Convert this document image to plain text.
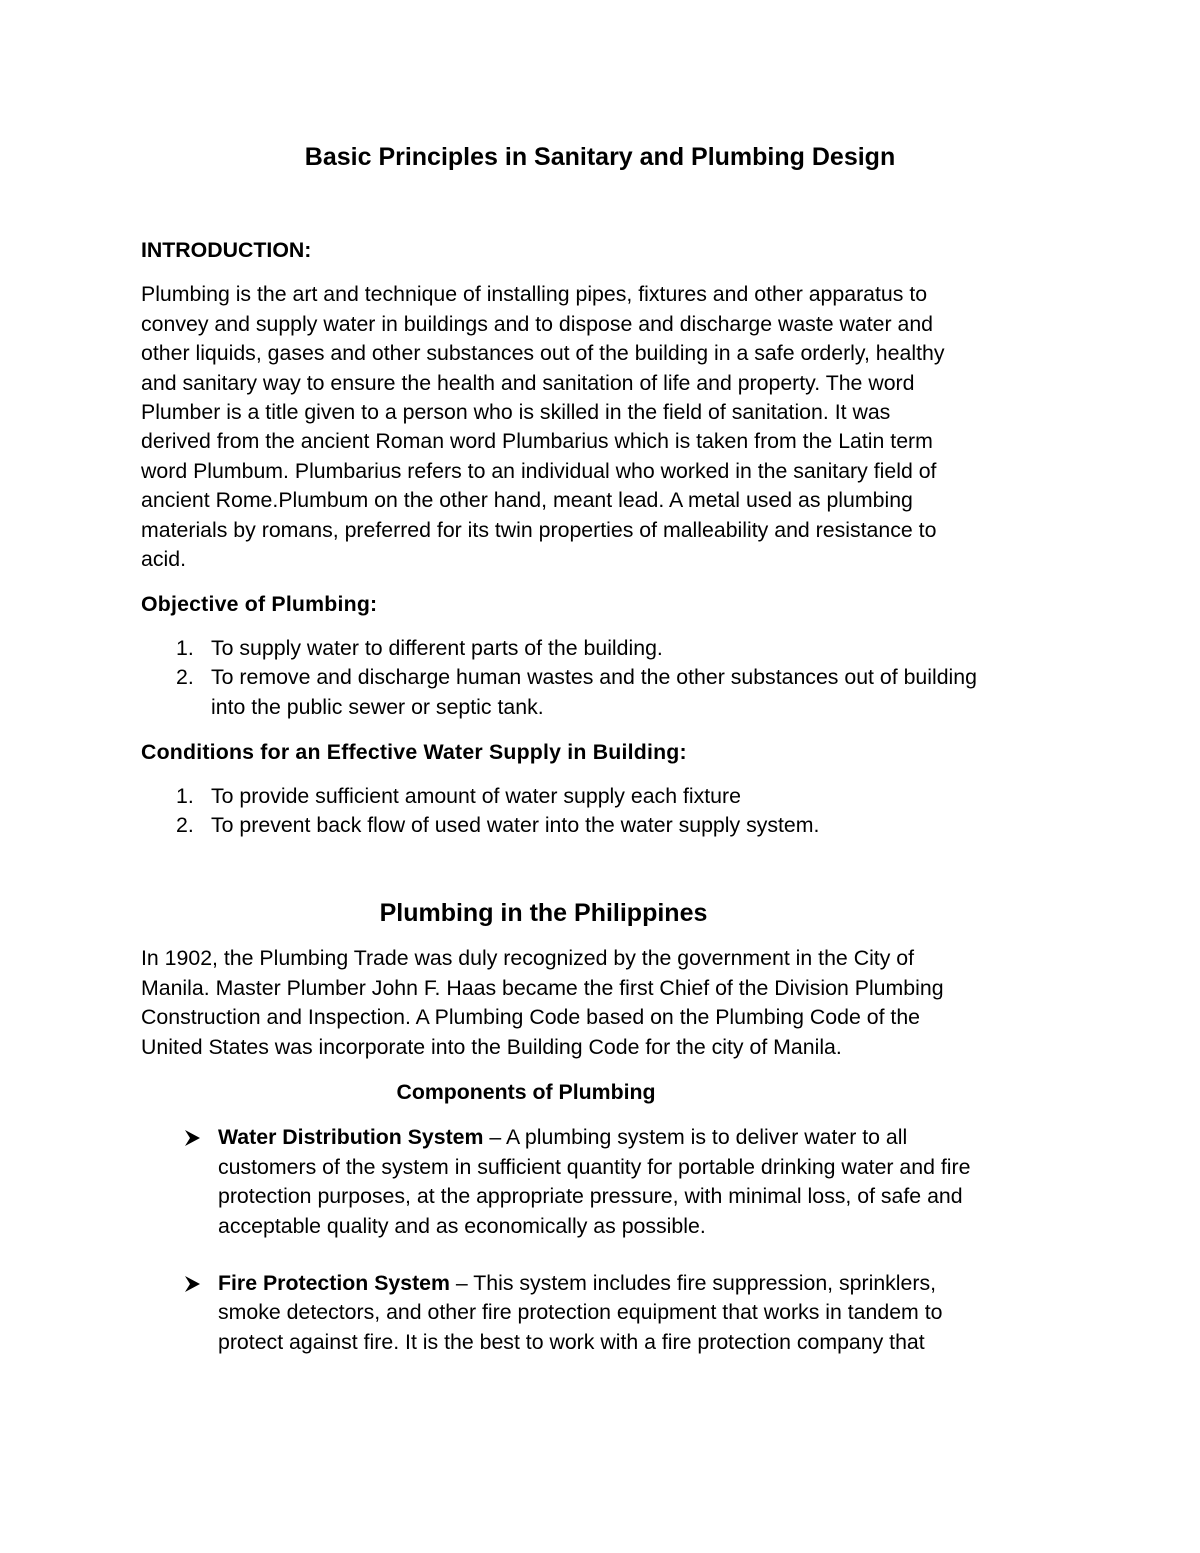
Basic Principles in Sanitary and Plumbing Design

INTRODUCTION:

Plumbing is the art and technique of installing pipes, fixtures and other apparatus to
convey and supply water in buildings and to dispose and discharge waste water and
other liquids, gases and other substances out of the building in a safe orderly, healthy
and sanitary way to ensure the health and sanitation of life and property. The word
Plumber is a title given to a person who is skilled in the field of sanitation. It was
derived from the ancient Roman word Plumbarius which is taken from the Latin term
word Plumbum. Plumbarius refers to an individual who worked in the sanitary field of
ancient Rome.Plumbum on the other hand, meant lead. A metal used as plumbing
materials by romans, preferred for its twin properties of malleability and resistance to
acid.

Objective of Plumbing:

1. To supply water to different parts of the building.
2. To remove and discharge human wastes and the other substances out of building
into the public sewer or septic tank.

Conditions for an Effective Water Supply in Building:

1. To provide sufficient amount of water supply each fixture
2. To prevent back flow of used water into the water supply system.
Plumbing in the Philippines
In 1902, the Plumbing Trade was duly recognized by the government in the City of
Manila. Master Plumber John F. Haas became the first Chief of the Division Plumbing
Construction and Inspection. A Plumbing Code based on the Plumbing Code of the
United States was incorporate into the Building Code for the city of Manila.

Components of Plumbing

Water Distribution System – A plumbing system is to deliver water to all
customers of the system in sufficient quantity for portable drinking water and fire
protection purposes, at the appropriate pressure, with minimal loss, of safe and
acceptable quality and as economically as possible.
Fire Protection System – This system includes fire suppression, sprinklers,
smoke detectors, and other fire protection equipment that works in tandem to
protect against fire. It is the best to work with a fire protection company that
